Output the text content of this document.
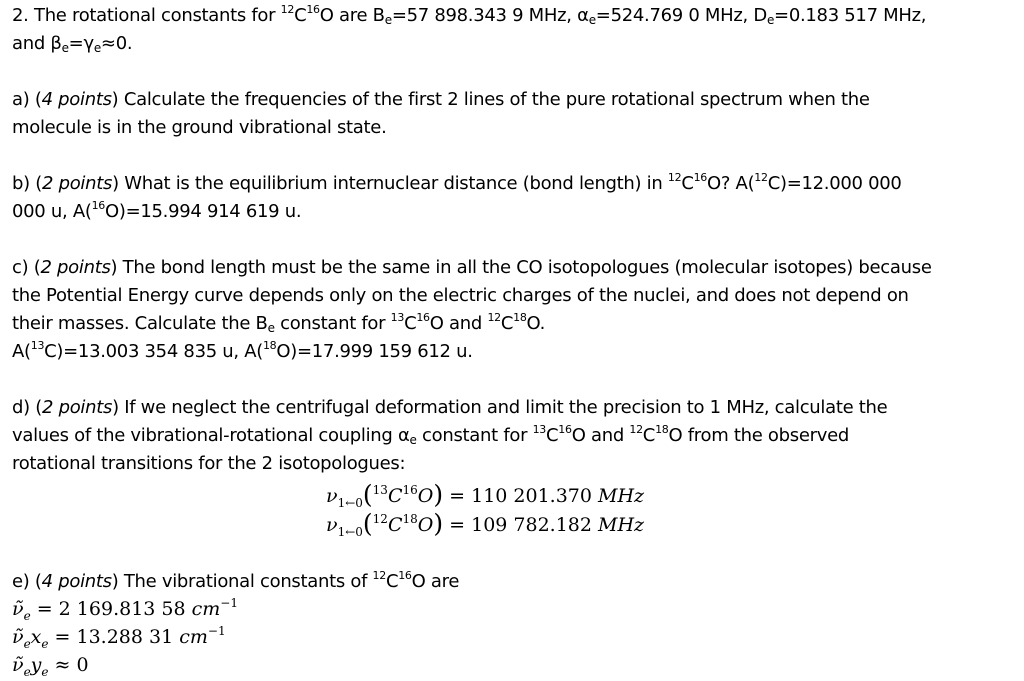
2. The rotational constants for $^{12}C^{16}O$ are $B_e=57$ 898.343 9 MHz, $\alpha_e=524.769$ 0 MHz, $D_e=0.183$ 517 MHz,
and $\beta_e=\gamma_e\approx 0$.
a) (4 points) Calculate the frequencies of the first 2 lines of the pure rotational spectrum when the
molecule is in the ground vibrational state.
b) (2 points) What is the equilibrium internuclear distance (bond length) in $^{12}C^{16}O$? A($^{12}$C)=12.000 000
000 u, A($^{16}$O)=15.994 914 619 u.
c) (2 points) The bond length must be the same in all the CO isotopologues (molecular isotopes) because
the Potential Energy curve depends only on the electric charges of the nuclei, and does not depend on
their masses. Calculate the $B_e$ constant for $^{13}C^{16}O$ and $^{12}C^{18}O$.
A($^{13}$C)=13.003 354 835 u, A($^{18}$O)=17.999 159 612 u.
d) (2 points) If we neglect the centrifugal deformation and limit the precision to 1 MHz, calculate the
values of the vibrational-rotational coupling $\alpha_e$ constant for $^{13}C^{16}O$ and $^{12}C^{18}O$ from the observed
rotational transitions for the 2 isotopologues:
$\nu_{1\leftarrow 0}(^{13}C^{16}O) = 110$ 201.370 MHz
$\nu_{1\leftarrow 0}(^{12}C^{18}O) = 109$ 782.182 MHz
e) (4 points) The vibrational constants of $^{12}C^{16}O$ are
$\nũ_e = 2$ 169.813 58 $cm^{-1}$
$\nũ_ex_e = 13.288$ 31 $cm^{-1}$
$\nũ_ey_e \approx 0$
